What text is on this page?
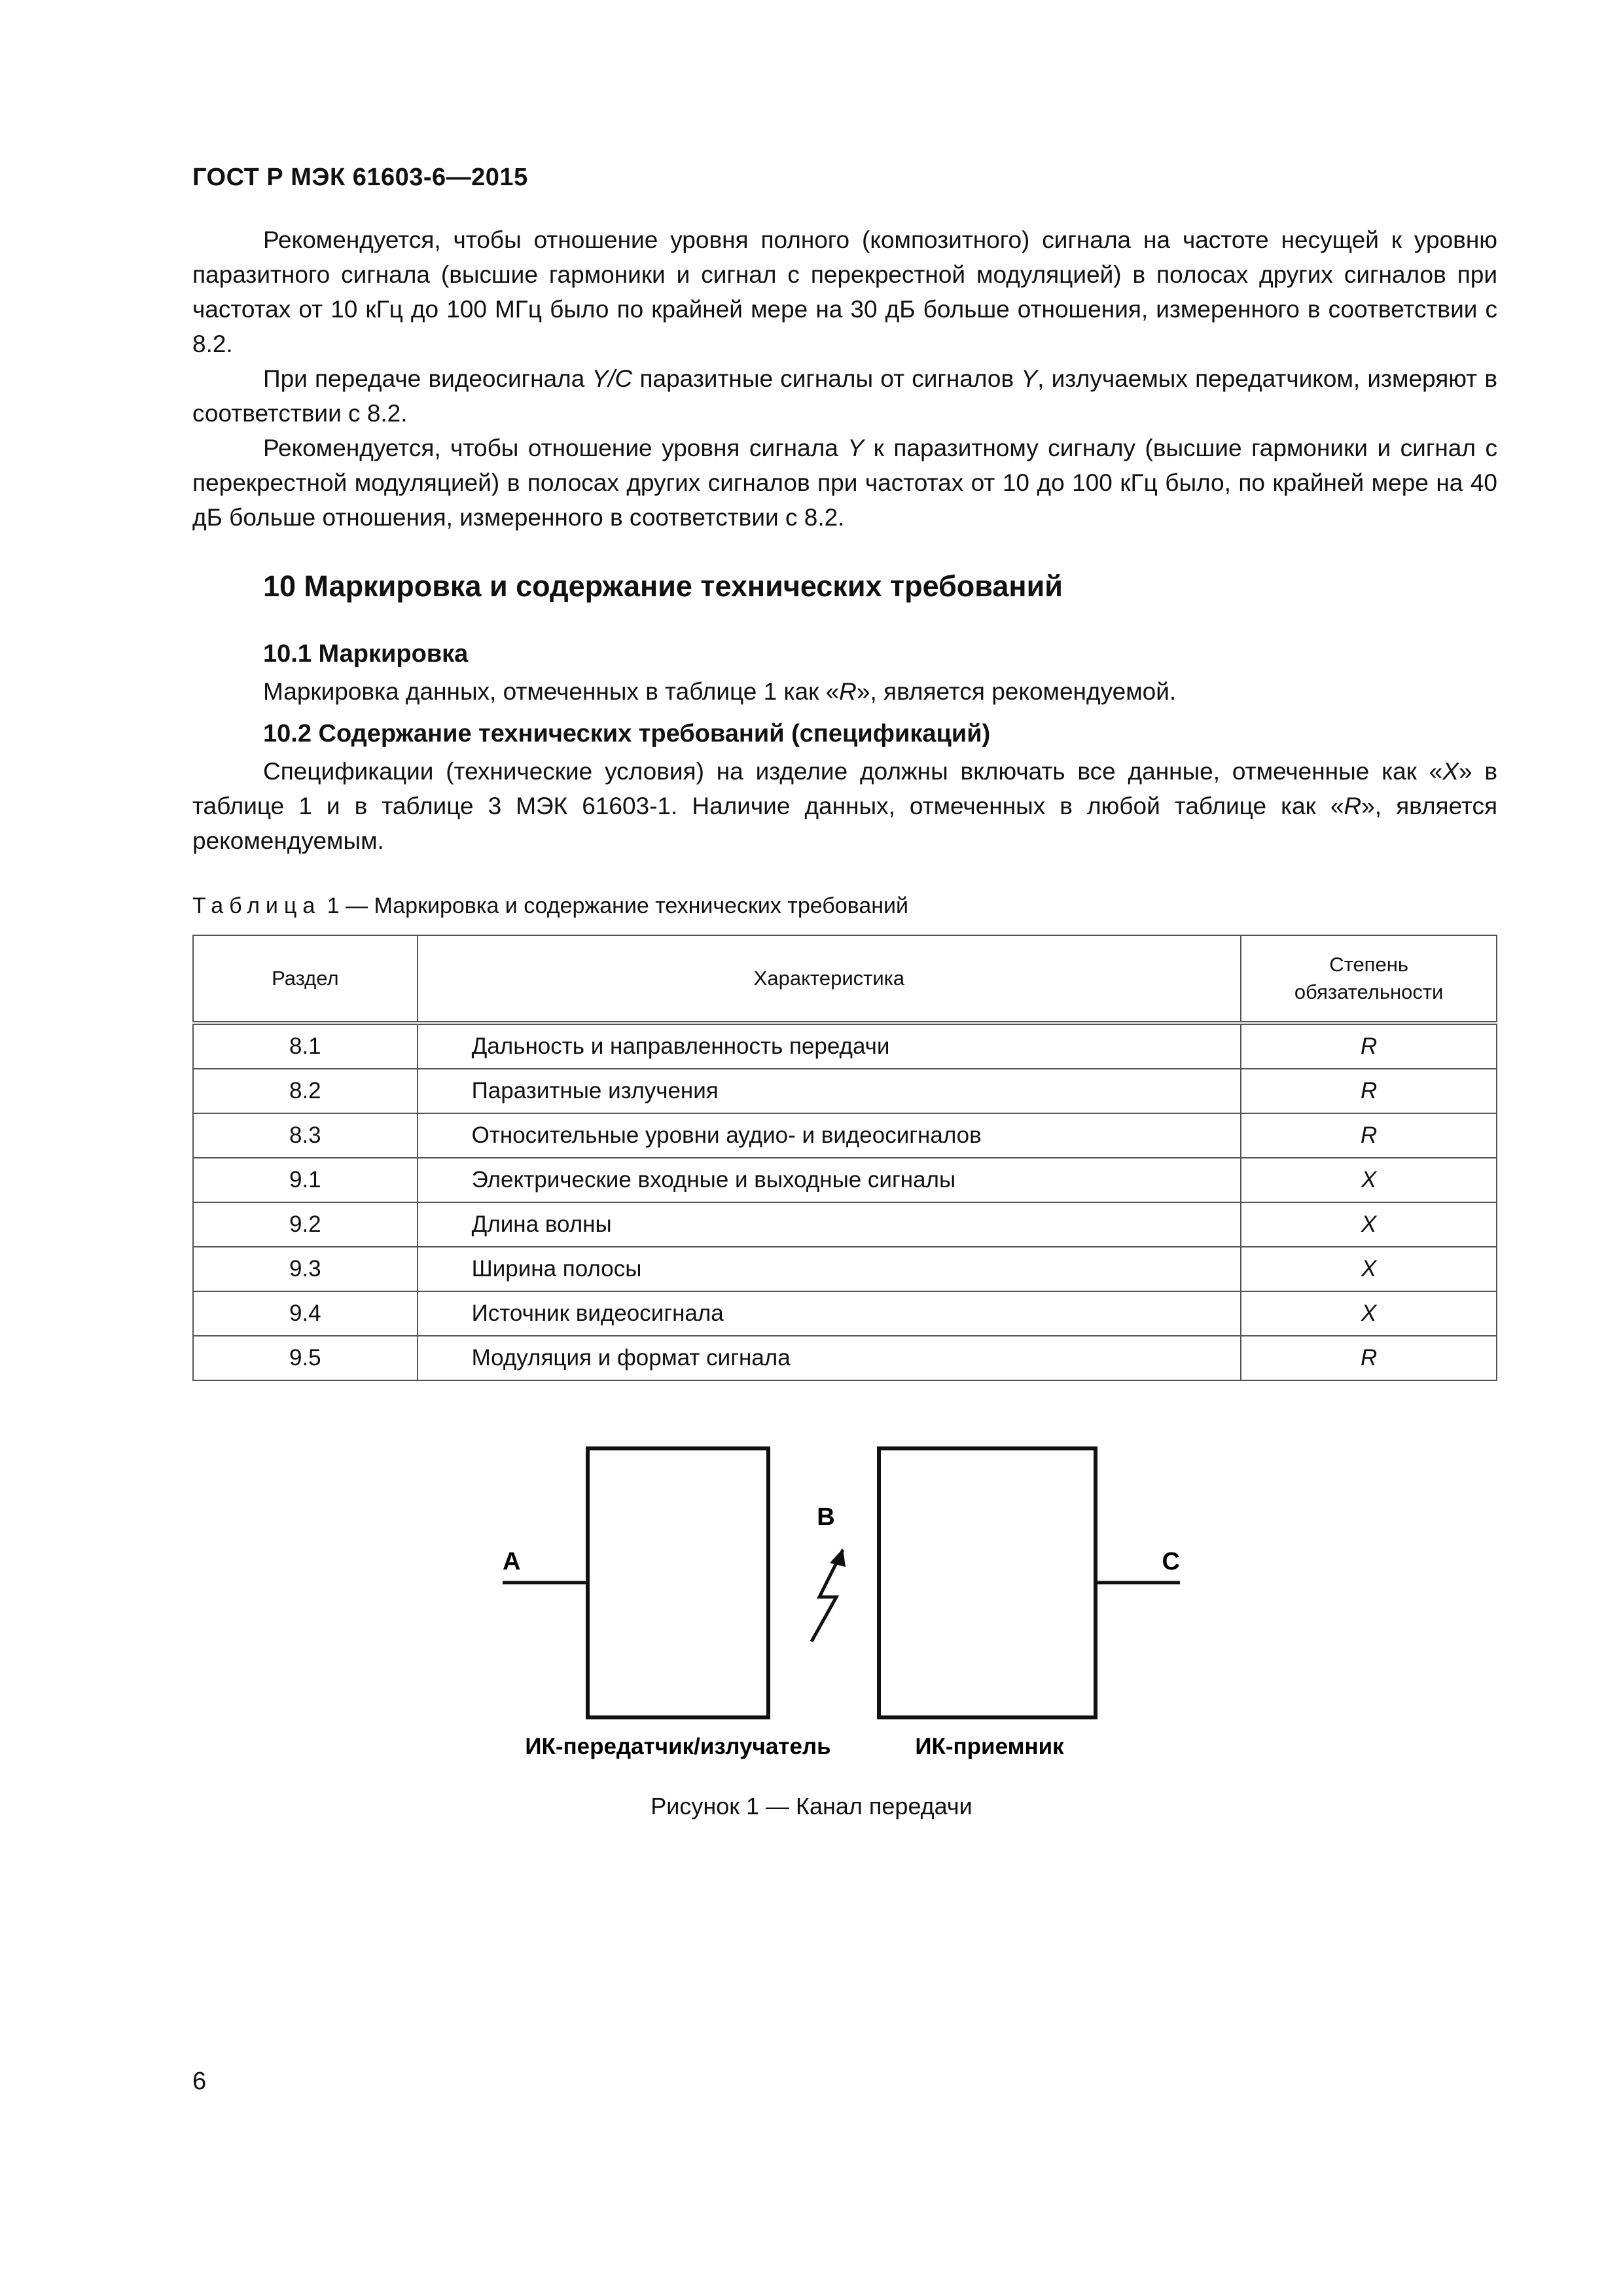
ГОСТ Р МЭК 61603-6—2015

Рекомендуется, чтобы отношение уровня полного (композитного) сигнала на частоте несущей к уровню паразитного сигнала (высшие гармоники и сигнал с перекрестной модуляцией) в полосах других сигналов при частотах от 10 кГц до 100 МГц было по крайней мере на 30 дБ больше отношения, измеренного в соответствии с 8.2.

При передаче видеосигнала Y/C паразитные сигналы от сигналов Y, излучаемых передатчиком, измеряют в соответствии с 8.2.

Рекомендуется, чтобы отношение уровня сигнала Y к паразитному сигналу (высшие гармоники и сигнал с перекрестной модуляцией) в полосах других сигналов при частотах от 10 до 100 кГц было, по крайней мере на 40 дБ больше отношения, измеренного в соответствии с 8.2.

10 Маркировка и содержание технических требований
10.1 Маркировка

Маркировка данных, отмеченных в таблице 1 как «R», является рекомендуемой.

10.2 Содержание технических требований (спецификаций)

Спецификации (технические условия) на изделие должны включать все данные, отмеченные как «X» в таблице 1 и в таблице 3 МЭК 61603-1. Наличие данных, отмеченных в любой таблице как «R», является рекомендуемым.

Таблица 1 — Маркировка и содержание технических требований
Раздел	Характеристика	Степень обязательности
8.1	Дальность и направленность передачи	R
8.2	Паразитные излучения	R
8.3	Относительные уровни аудио- и видеосигналов	R
9.1	Электрические входные и выходные сигналы	X
9.2	Длина волны	X
9.3	Ширина полосы	X
9.4	Источник видеосигнала	X
9.5	Модуляция и формат сигнала	R
A	C
B
ИК-передатчик/излучатель	ИК-приемник
Рисунок 1 — Канал передачи
6
